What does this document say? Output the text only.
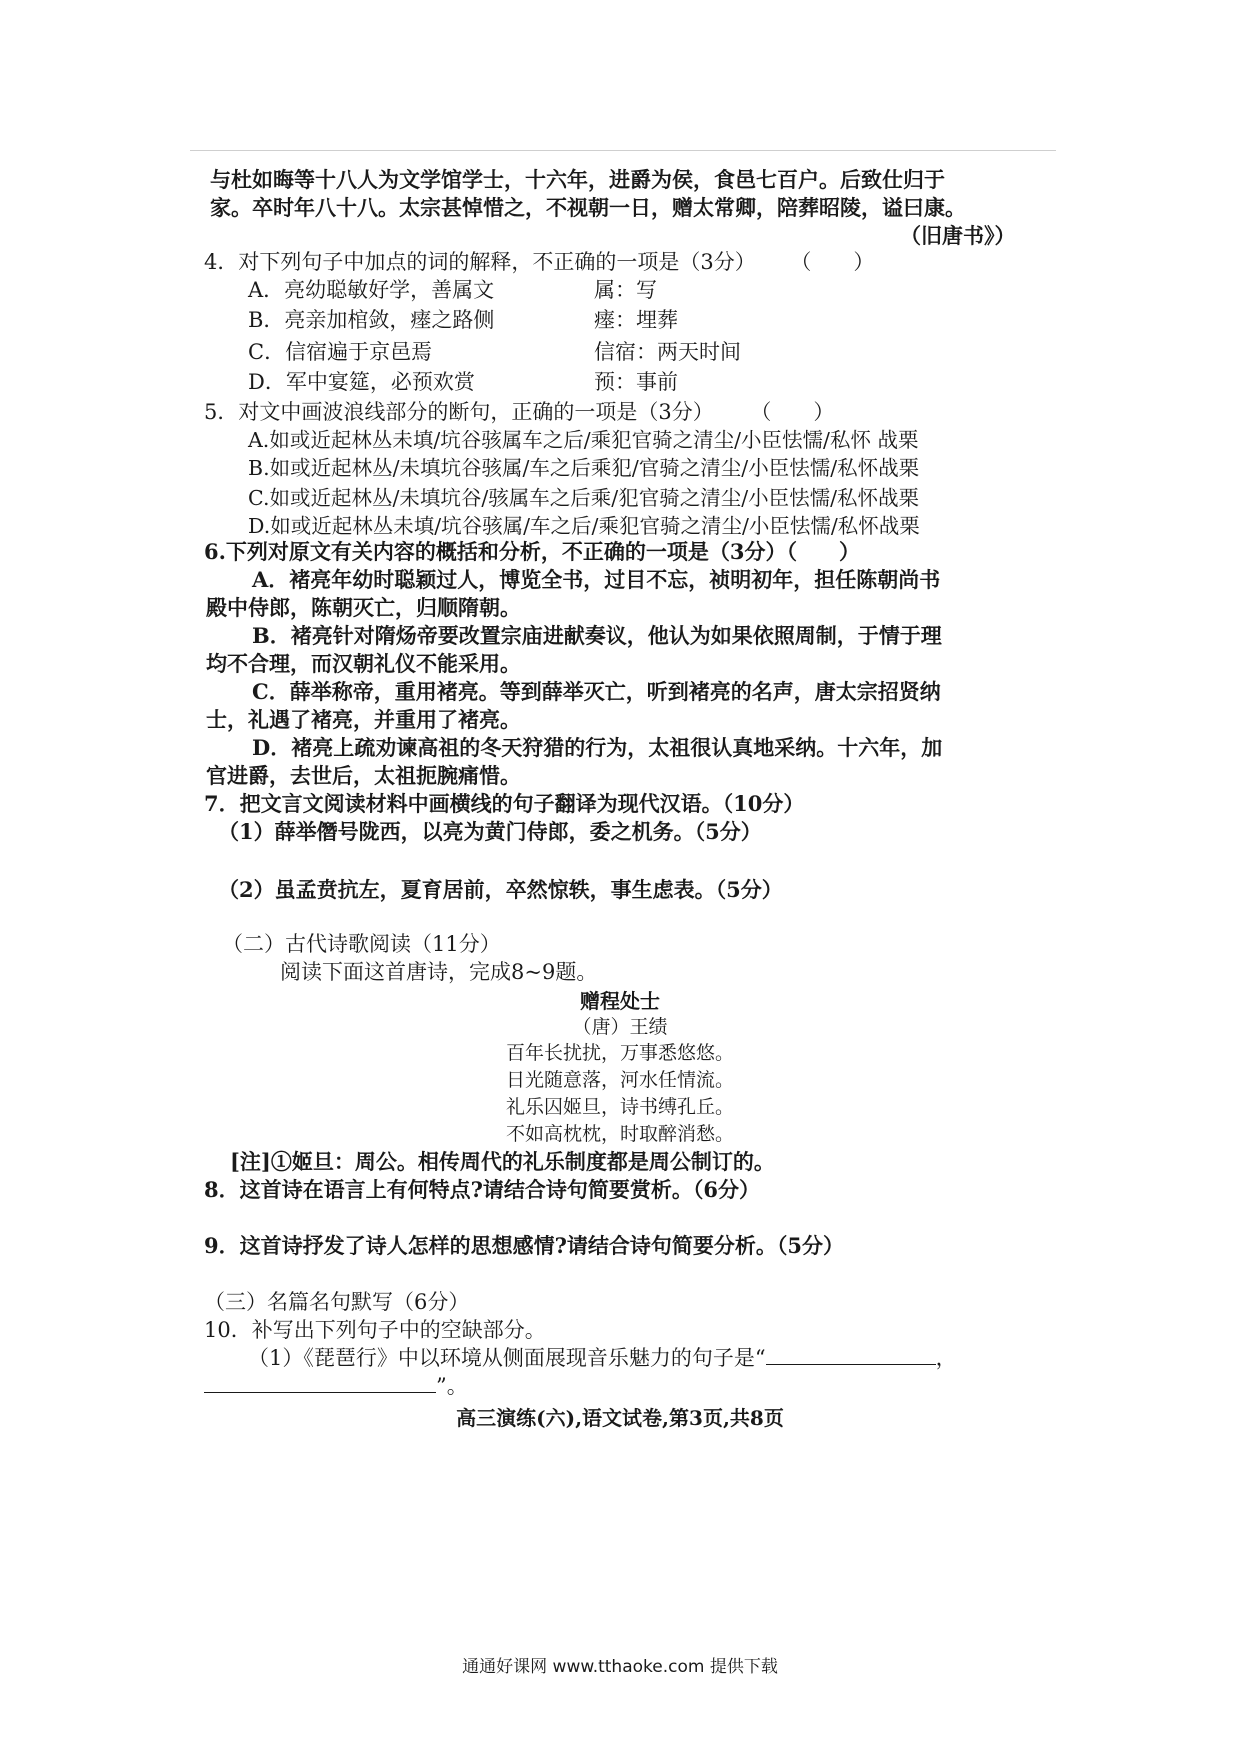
与杜如晦等十八人为文学馆学士，十六年，进爵为侯，食邑七百户。后致仕归于
家。卒时年八十八。太宗甚悼惜之，不视朝一日，赠太常卿，陪葬昭陵，谥曰康。
（旧唐书》）
4．对下列句子中加点的词的解释，不正确的一项是（3分） （　　）
A．亮幼聪敏好学，善属文	属：写
B．亮亲加棺敛，瘗之路侧	瘗：埋葬
C．信宿遍于京邑焉	信宿：两天时间
D．军中宴筵，必预欢赏	预：事前
5．对文中画波浪线部分的断句，正确的一项是（3分） （　　）
A.如或近起林丛未填/坑谷骇属车之后/乘犯官骑之清尘/小臣怯懦/私怀 战栗
B.如或近起林丛/未填坑谷骇属/车之后乘犯/官骑之清尘/小臣怯懦/私怀战栗
C.如或近起林丛/未填坑谷/骇属车之后乘/犯官骑之清尘/小臣怯懦/私怀战栗
D.如或近起林丛未填/坑谷骇属/车之后/乘犯官骑之清尘/小臣怯懦/私怀战栗
6.下列对原文有关内容的概括和分析，不正确的一项是（3分）（　　）
A．褚亮年幼时聪颖过人，博览全书，过目不忘，祯明初年，担任陈朝尚书
殿中侍郎，陈朝灭亡，归顺隋朝。
B．褚亮针对隋炀帝要改置宗庙进献奏议，他认为如果依照周制，于情于理
均不合理，而汉朝礼仪不能采用。
C．薛举称帝，重用褚亮。等到薛举灭亡，听到褚亮的名声，唐太宗招贤纳
士，礼遇了褚亮，并重用了褚亮。
D．褚亮上疏劝谏高祖的冬天狩猎的行为，太祖很认真地采纳。十六年，加
官进爵，去世后，太祖扼腕痛惜。
7．把文言文阅读材料中画横线的句子翻译为现代汉语。（10分）
（1）薛举僭号陇西，以亮为黄门侍郎，委之机务。（5分）
（2）虽孟贲抗左，夏育居前，卒然惊轶，事生虑表。（5分）
（二）古代诗歌阅读（11分）
阅读下面这首唐诗，完成8~9题。
赠程处士
（唐）王绩
百年长扰扰，万事悉悠悠。
日光随意落，河水任情流。
礼乐囚姬旦，诗书缚孔丘。
不如高枕枕，时取醉消愁。
[注]①姬旦：周公。相传周代的礼乐制度都是周公制订的。
8．这首诗在语言上有何特点?请结合诗句简要赏析。（6分）
9．这首诗抒发了诗人怎样的思想感情?请结合诗句简要分析。（5分）
（三）名篇名句默写（6分）
10．补写出下列句子中的空缺部分。
（1）《琵琶行》中以环境从侧面展现音乐魅力的句子是“	，
”。
高三演练(六),语文试卷,第3页,共8页
通通好课网 www.tthaoke.com 提供下载
